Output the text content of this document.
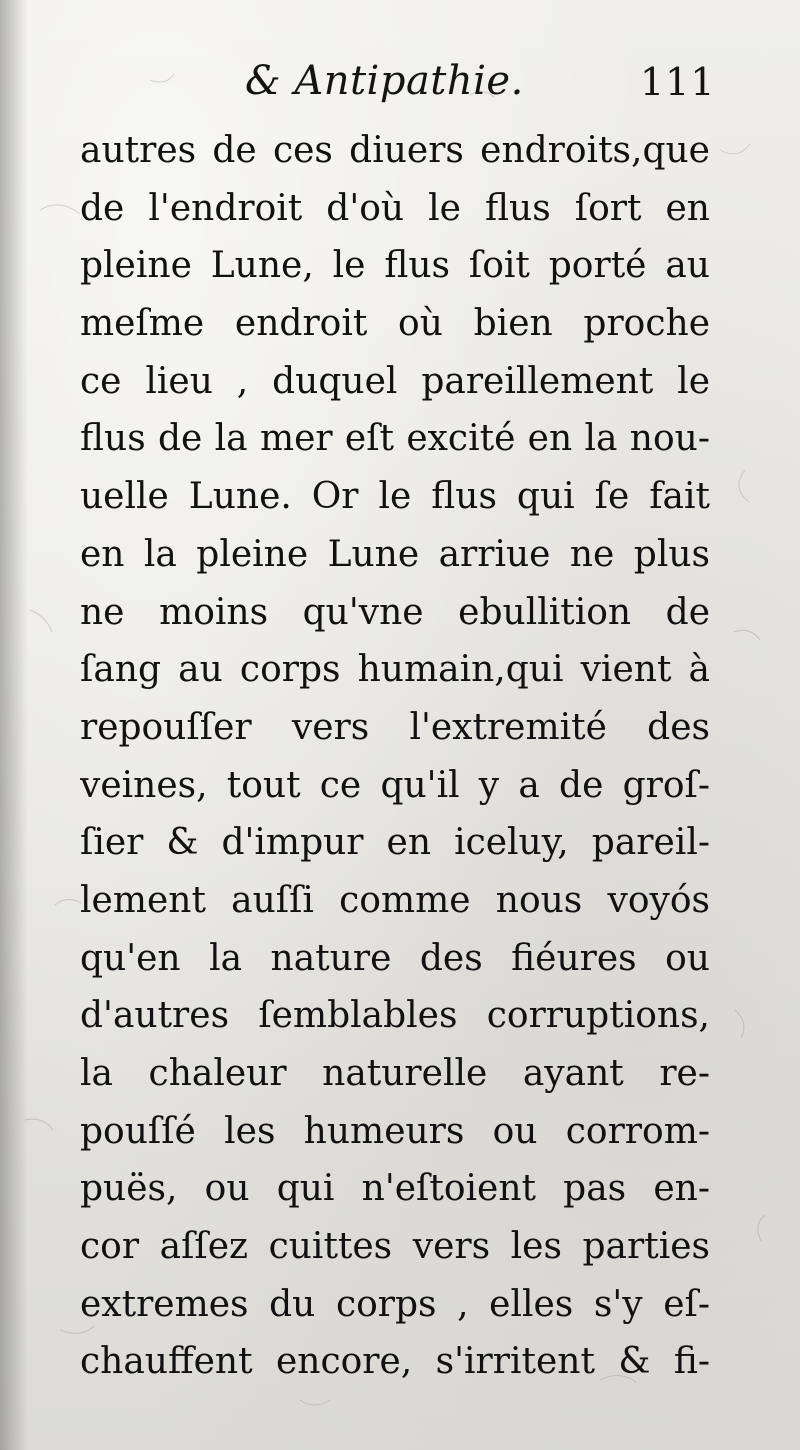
& Antipathie.	111
autres de ces diuers endroits,que
de l'endroit d'où le flus ſort en
pleine Lune, le flus ſoit porté au
meſme endroit où bien proche
ce lieu , duquel pareillement le
flus de la mer eſt excité en la nou-
uelle Lune. Or le flus qui ſe fait
en la pleine Lune arriue ne plus
ne moins qu'vne ebullition de
ſang au corps humain,qui vient à
repouſſer vers l'extremité des
veines, tout ce qu'il y a de groſ-
ſier & d'impur en iceluy, pareil-
lement auſſi comme nous voyós
qu'en la nature des fiéures ou
d'autres ſemblables corruptions,
la chaleur naturelle ayant re-
pouſſé les humeurs ou corrom-
puës, ou qui n'eſtoient pas en-
cor aſſez cuittes vers les parties
extremes du corps , elles s'y eſ-
chauffent encore, s'irritent & fi-
